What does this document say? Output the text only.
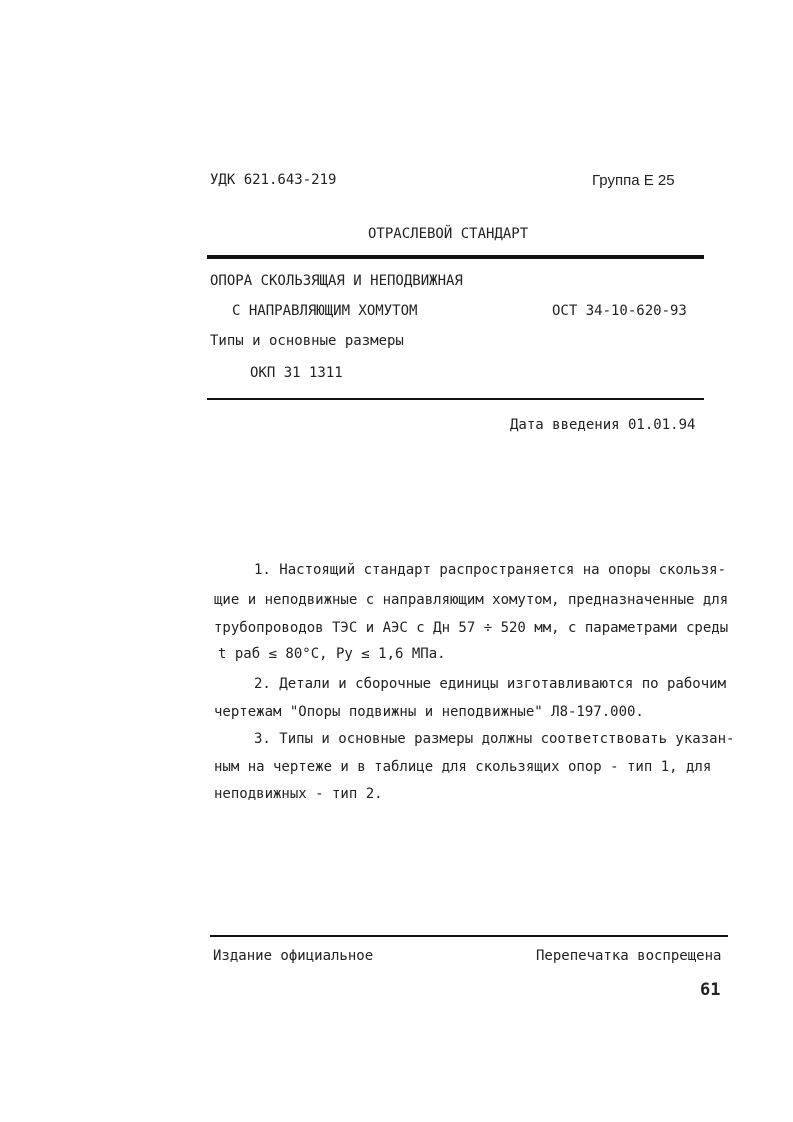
УДК 621.643-219	Группа Е 25
ОТРАСЛЕВОЙ СТАНДАРТ
ОПОРА СКОЛЬЗЯЩАЯ И НЕПОДВИЖНАЯ
С НАПРАВЛЯЮЩИМ ХОМУТОМ	ОСТ 34-10-620-93
Типы и основные размеры
ОКП 31 1311
Дата введения 01.01.94

1. Настоящий стандарт распространяется на опоры скользя-

щие и неподвижные с направляющим хомутом, предназначенные для

трубопроводов ТЭС и АЭС с Дн 57 ÷ 520 мм, с параметрами среды

t раб ≤ 80°С, Ру ≤ 1,6 МПа.

2. Детали и сборочные единицы изготавливаются по рабочим

чертежам "Опоры подвижны и неподвижные" Л8-197.000.

3. Типы и основные размеры должны соответствовать указан-

ным на чертеже и в таблице для скользящих опор - тип 1, для

неподвижных - тип 2.

Издание официальное	Перепечатка воспрещена
61
